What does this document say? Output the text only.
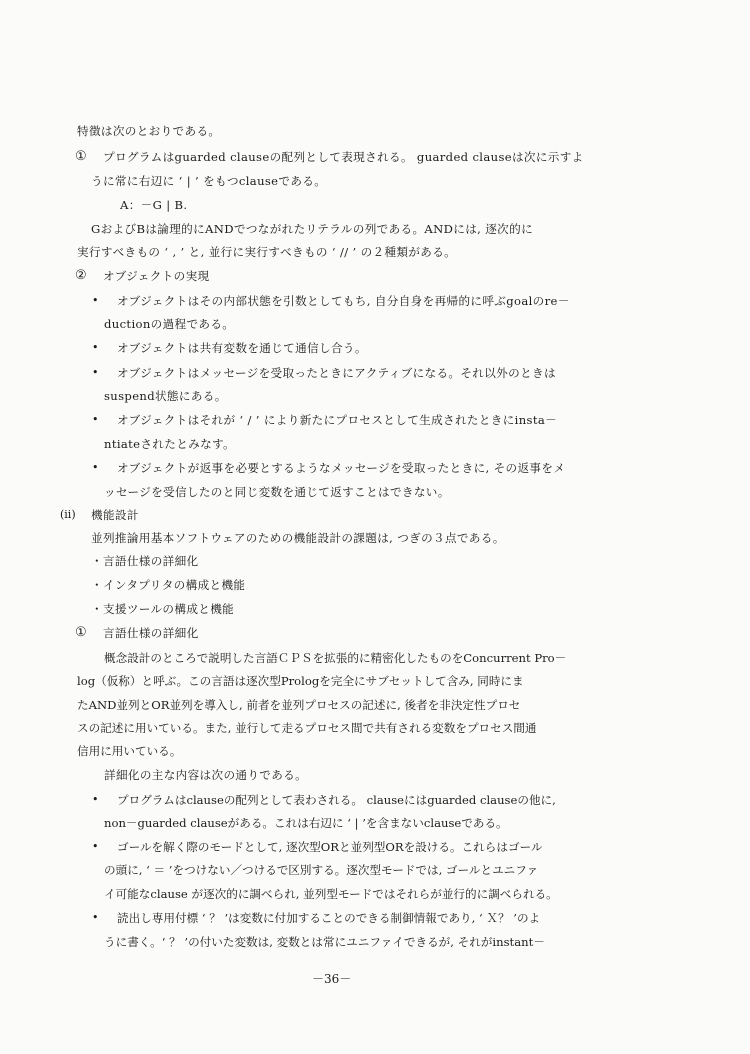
特徴は次のとおりである。
① プログラムはguarded clauseの配列として表現される。 guarded clauseは次に示すよ
うに常に右辺に ‘ | ’ をもつclauseである。
A：－G | B.
GおよびBは論理的にANDでつながれたリテラルの列である。ANDには, 逐次的に
実行すべきもの ‘ , ’ と, 並行に実行すべきもの ‘ // ’ の２種類がある。
② オブジェクトの実現
• オブジェクトはその内部状態を引数としてもち, 自分自身を再帰的に呼ぶgoalのre－
ductionの過程である。
• オブジェクトは共有変数を通じて通信し合う。
• オブジェクトはメッセージを受取ったときにアクティブになる。それ以外のときは
suspend状態にある。
• オブジェクトはそれが ‘ / ’ により新たにプロセスとして生成されたときにinsta－
ntiateされたとみなす。
• オブジェクトが返事を必要とするようなメッセージを受取ったときに, その返事をメ
ッセージを受信したのと同じ変数を通じて返すことはできない。
(ii) 機能設計
並列推論用基本ソフトウェアのための機能設計の課題は, つぎの３点である。
・言語仕様の詳細化
・インタプリタの構成と機能
・支援ツールの構成と機能
① 言語仕様の詳細化
概念設計のところで説明した言語ＣＰＳを拡張的に精密化したものをConcurrent Pro－
log（仮称）と呼ぶ。この言語は逐次型Prologを完全にサブセットして含み, 同時にま
たAND並列とOR並列を導入し, 前者を並列プロセスの記述に, 後者を非決定性プロセ
スの記述に用いている。また, 並行して走るプロセス間で共有される変数をプロセス間通
信用に用いている。
詳細化の主な内容は次の通りである。
• プログラムはclauseの配列として表わされる。 clauseにはguarded clauseの他に,
non－guarded clauseがある。これは右辺に ‘ | ’を含まないclauseである。
• ゴールを解く際のモードとして, 逐次型ORと並列型ORを設ける。これらはゴール
の頭に, ‘ ＝ ’をつけない／つけるで区別する。逐次型モードでは, ゴールとユニファ
イ可能なclause が逐次的に調べられ, 並列型モードではそれらが並行的に調べられる。
• 読出し専用付標 ‘ ？ ’は変数に付加することのできる制御情報であり, ‘ Ｘ？ ’のよ
うに書く。‘ ？ ’の付いた変数は, 変数とは常にユニファイできるが, それがinstant－
－36－
